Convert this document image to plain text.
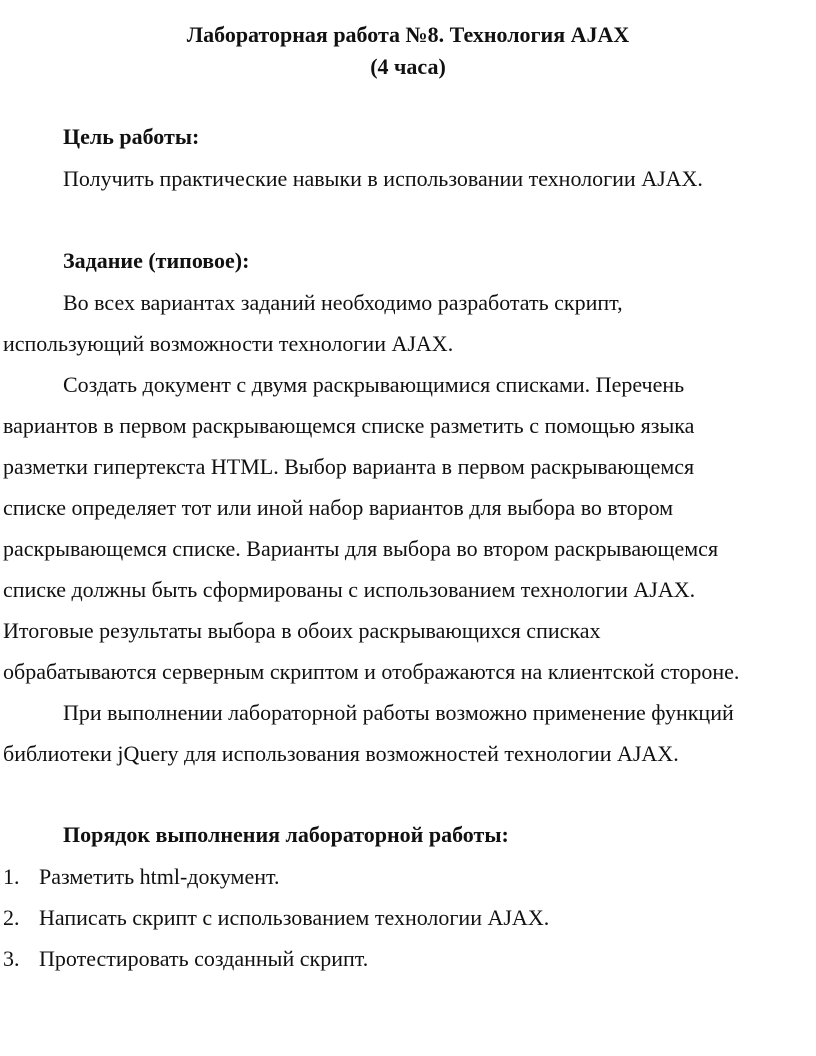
Лабораторная работа №8. Технология AJAX
(4 часа)
Цель работы:
Получить практические навыки в использовании технологии AJAX.
Задание (типовое):
Во всех вариантах заданий необходимо разработать скрипт,
использующий возможности технологии AJAX.
Создать документ с двумя раскрывающимися списками. Перечень
вариантов в первом раскрывающемся списке разметить с помощью языка
разметки гипертекста HTML. Выбор варианта в первом раскрывающемся
списке определяет тот или иной набор вариантов для выбора во втором
раскрывающемся списке. Варианты для выбора во втором раскрывающемся
списке должны быть сформированы с использованием технологии AJAX.
Итоговые результаты выбора в обоих раскрывающихся списках
обрабатываются серверным скриптом и отображаются на клиентской стороне.
При выполнении лабораторной работы возможно применение функций
библиотеки jQuery для использования возможностей технологии AJAX.
Порядок выполнения лабораторной работы:
1. Разметить html-документ.
2. Написать скрипт с использованием технологии AJAX.
3. Протестировать созданный скрипт.
